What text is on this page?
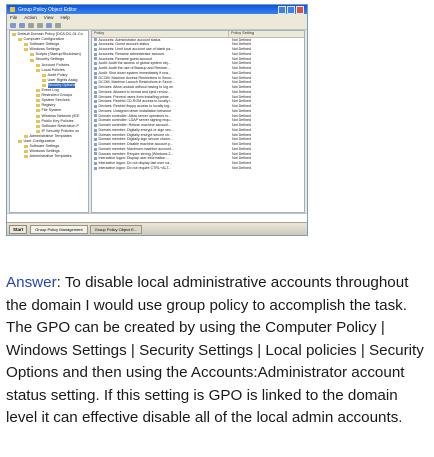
Group Policy Object Editor
File Action View Help
Default Domain Policy [DC8-DC-01.Co
Computer Configuration
Software Settings
Windows Settings
Scripts (Startup/Shutdown)
Security Settings
Account Policies
Local Policies
Audit Policy
User Rights Assig
Security Options
Event Log
Restricted Groups
System Services
Registry
File System
Wireless Network (IEE
Public Key Policies
Software Restriction P
IP Security Policies on
Administrative Templates
User Configuration
Software Settings
Windows Settings
Administrative Templates
Policy	Policy Setting
Accounts: Administrator account status	Not Defined
Accounts: Guest account status	Not Defined
Accounts: Limit local account use of blank pa...	Not Defined
Accounts: Rename administrator account	Not Defined
Accounts: Rename guest account	Not Defined
Audit: Audit the access of global system obj...	Not Defined
Audit: Audit the use of Backup and Restore...	Not Defined
Audit: Shut down system immediately if una...	Not Defined
DCOM: Machine Access Restrictions in Secur...	Not Defined
DCOM: Machine Launch Restrictions in Secur...	Not Defined
Devices: Allow undock without having to log on	Not Defined
Devices: Allowed to format and eject remov...	Not Defined
Devices: Prevent users from installing printe...	Not Defined
Devices: Restrict CD-ROM access to locally l...	Not Defined
Devices: Restrict floppy access to locally log...	Not Defined
Devices: Unsigned driver installation behavior	Not Defined
Domain controller: Allow server operators to...	Not Defined
Domain controller: LDAP server signing requ...	Not Defined
Domain controller: Refuse machine account...	Not Defined
Domain member: Digitally encrypt or sign sec...	Not Defined
Domain member: Digitally encrypt secure ch...	Not Defined
Domain member: Digitally sign secure chann...	Not Defined
Domain member: Disable machine account p...	Not Defined
Domain member: Maximum machine account...	Not Defined
Domain member: Require strong (Windows 2...	Not Defined
Interactive logon: Display user information ...	Not Defined
Interactive logon: Do not display last user na...	Not Defined
Interactive logon: Do not require CTRL+ALT...	Not Defined
Start	Group Policy Management	Group Policy Object E...

Answer: To disable local administrative accounts throughout the domain I would use group policy to accomplish the task. The GPO can be created by using the Computer Policy | Windows Settings | Security Settings | Local policies | Security Options and then using the Accounts:Administrator account status setting. If this setting is GPO is linked to the domain level it can effective disable all of the local admin accounts.
